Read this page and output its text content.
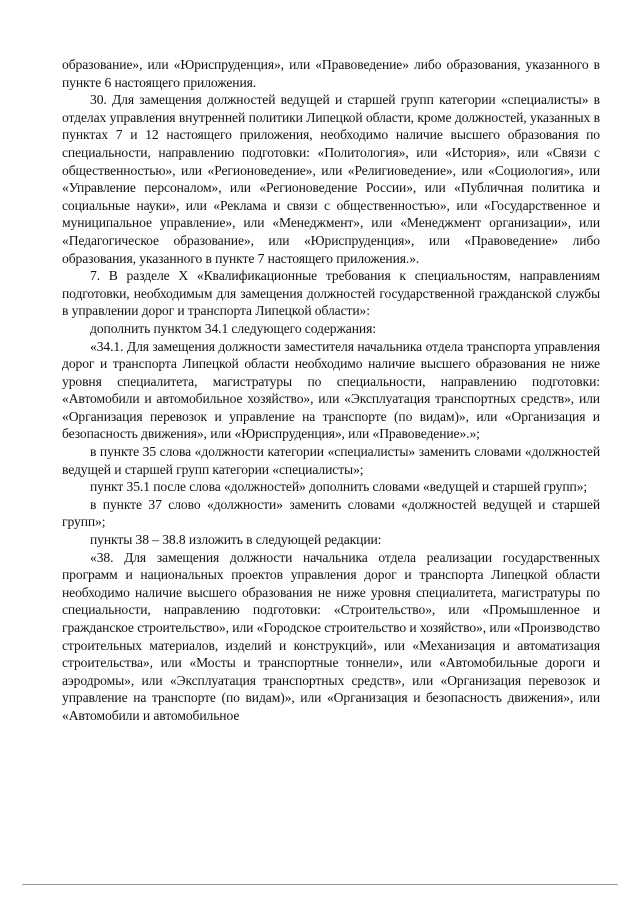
образование», или «Юриспруденция», или «Правоведение» либо образования, указанного в пункте 6 настоящего приложения.

30. Для замещения должностей ведущей и старшей групп категории «специалисты» в отделах управления внутренней политики Липецкой области, кроме должностей, указанных в пунктах 7 и 12 настоящего приложения, необходимо наличие высшего образования по специальности, направлению подготовки: «Политология», или «История», или «Связи с общественностью», или «Регионоведение», или «Религиоведение», или «Социология», или «Управление персоналом», или «Регионоведение России», или «Публичная политика и социальные науки», или «Реклама и связи с общественностью», или «Государственное и муниципальное управление», или «Менеджмент», или «Менеджмент организации», или «Педагогическое образование», или «Юриспруденция», или «Правоведение» либо образования, указанного в пункте 7 настоящего приложения.».

7. В разделе X «Квалификационные требования к специальностям, направлениям подготовки, необходимым для замещения должностей государственной гражданской службы в управлении дорог и транспорта Липецкой области»:

дополнить пунктом 34.1 следующего содержания:

«34.1. Для замещения должности заместителя начальника отдела транспорта управления дорог и транспорта Липецкой области необходимо наличие высшего образования не ниже уровня специалитета, магистратуры по специальности, направлению подготовки: «Автомобили и автомобильное хозяйство», или «Эксплуатация транспортных средств», или «Организация перевозок и управление на транспорте (по видам)», или «Организация и безопасность движения», или «Юриспруденция», или «Правоведение».»;

в пункте 35 слова «должности категории «специалисты» заменить словами «должностей ведущей и старшей групп категории «специалисты»;

пункт 35.1 после слова «должностей» дополнить словами «ведущей и старшей групп»;

в пункте 37 слово «должности» заменить словами «должностей ведущей и старшей групп»;

пункты 38 – 38.8 изложить в следующей редакции:

«38. Для замещения должности начальника отдела реализации государственных программ и национальных проектов управления дорог и транспорта Липецкой области необходимо наличие высшего образования не ниже уровня специалитета, магистратуры по специальности, направлению подготовки: «Строительство», или «Промышленное и гражданское строительство», или «Городское строительство и хозяйство», или «Производство строительных материалов, изделий и конструкций», или «Механизация и автоматизация строительства», или «Мосты и транспортные тоннели», или «Автомобильные дороги и аэродромы», или «Эксплуатация транспортных средств», или «Организация перевозок и управление на транспорте (по видам)», или «Организация и безопасность движения», или «Автомобили и автомобильное
